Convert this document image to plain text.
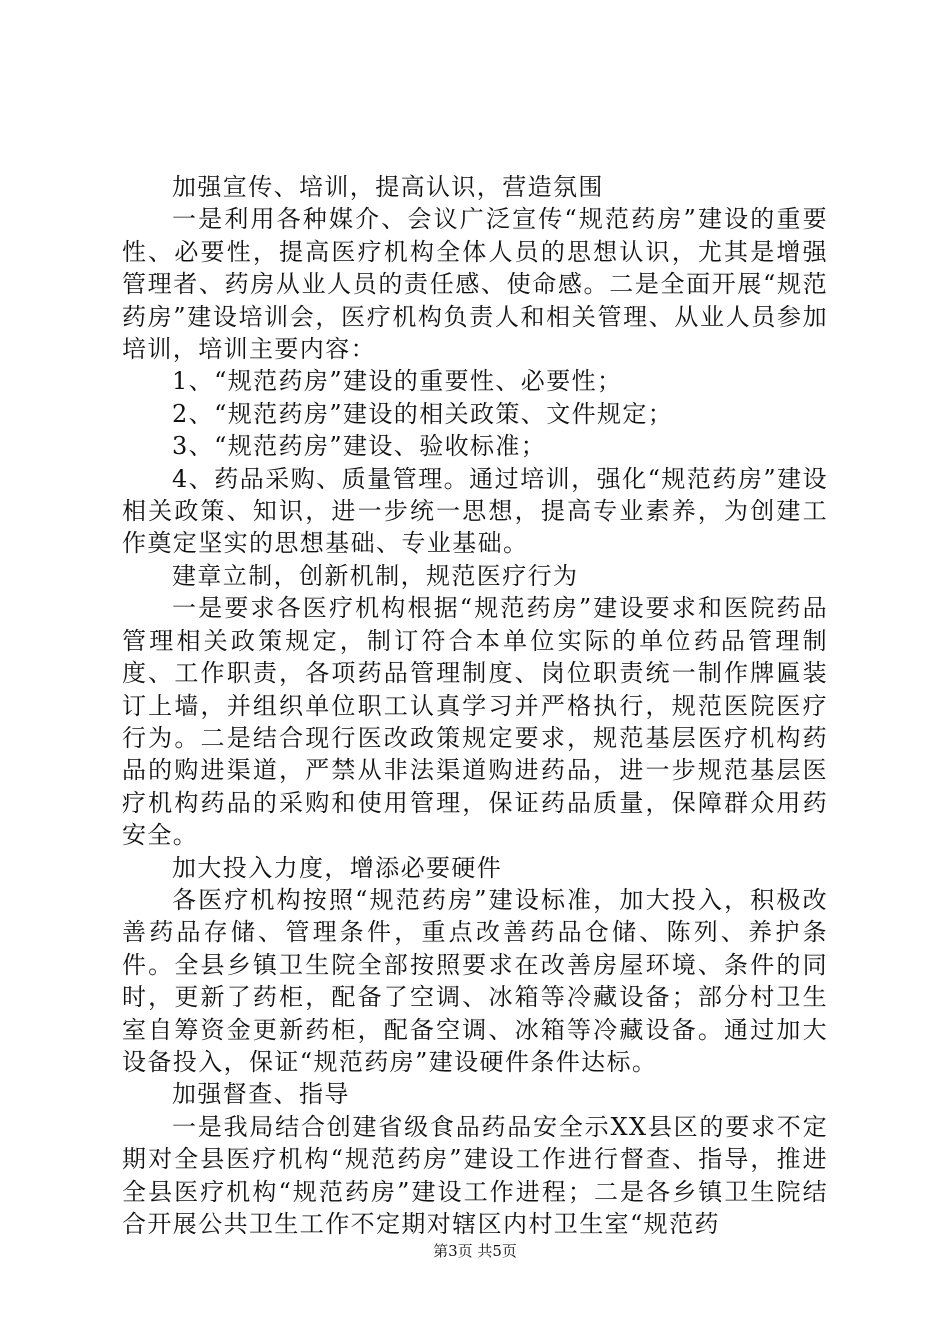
加强宣传、培训，提高认识，营造氛围

一是利用各种媒介、会议广泛宣传“规范药房”建设的重要性、必要性，提高医疗机构全体人员的思想认识，尤其是增强管理者、药房从业人员的责任感、使命感。二是全面开展“规范药房”建设培训会，医疗机构负责人和相关管理、从业人员参加培训，培训主要内容：

1、“规范药房”建设的重要性、必要性；

2、“规范药房”建设的相关政策、文件规定；

3、“规范药房”建设、验收标准；

4、药品采购、质量管理。通过培训，强化“规范药房”建设相关政策、知识，进一步统一思想，提高专业素养，为创建工作奠定坚实的思想基础、专业基础。

建章立制，创新机制，规范医疗行为

一是要求各医疗机构根据“规范药房”建设要求和医院药品管理相关政策规定，制订符合本单位实际的单位药品管理制度、工作职责，各项药品管理制度、岗位职责统一制作牌匾装订上墙，并组织单位职工认真学习并严格执行，规范医院医疗行为。二是结合现行医改政策规定要求，规范基层医疗机构药品的购进渠道，严禁从非法渠道购进药品，进一步规范基层医疗机构药品的采购和使用管理，保证药品质量，保障群众用药安全。

加大投入力度，增添必要硬件

各医疗机构按照“规范药房”建设标准，加大投入，积极改善药品存储、管理条件，重点改善药品仓储、陈列、养护条件。全县乡镇卫生院全部按照要求在改善房屋环境、条件的同时，更新了药柜，配备了空调、冰箱等冷藏设备；部分村卫生室自筹资金更新药柜，配备空调、冰箱等冷藏设备。通过加大设备投入，保证“规范药房”建设硬件条件达标。

加强督查、指导

一是我局结合创建省级食品药品安全示XX县区的要求不定期对全县医疗机构“规范药房”建设工作进行督查、指导，推进全县医疗机构“规范药房”建设工作进程；二是各乡镇卫生院结合开展公共卫生工作不定期对辖区内村卫生室“规范药

第3页 共5页
